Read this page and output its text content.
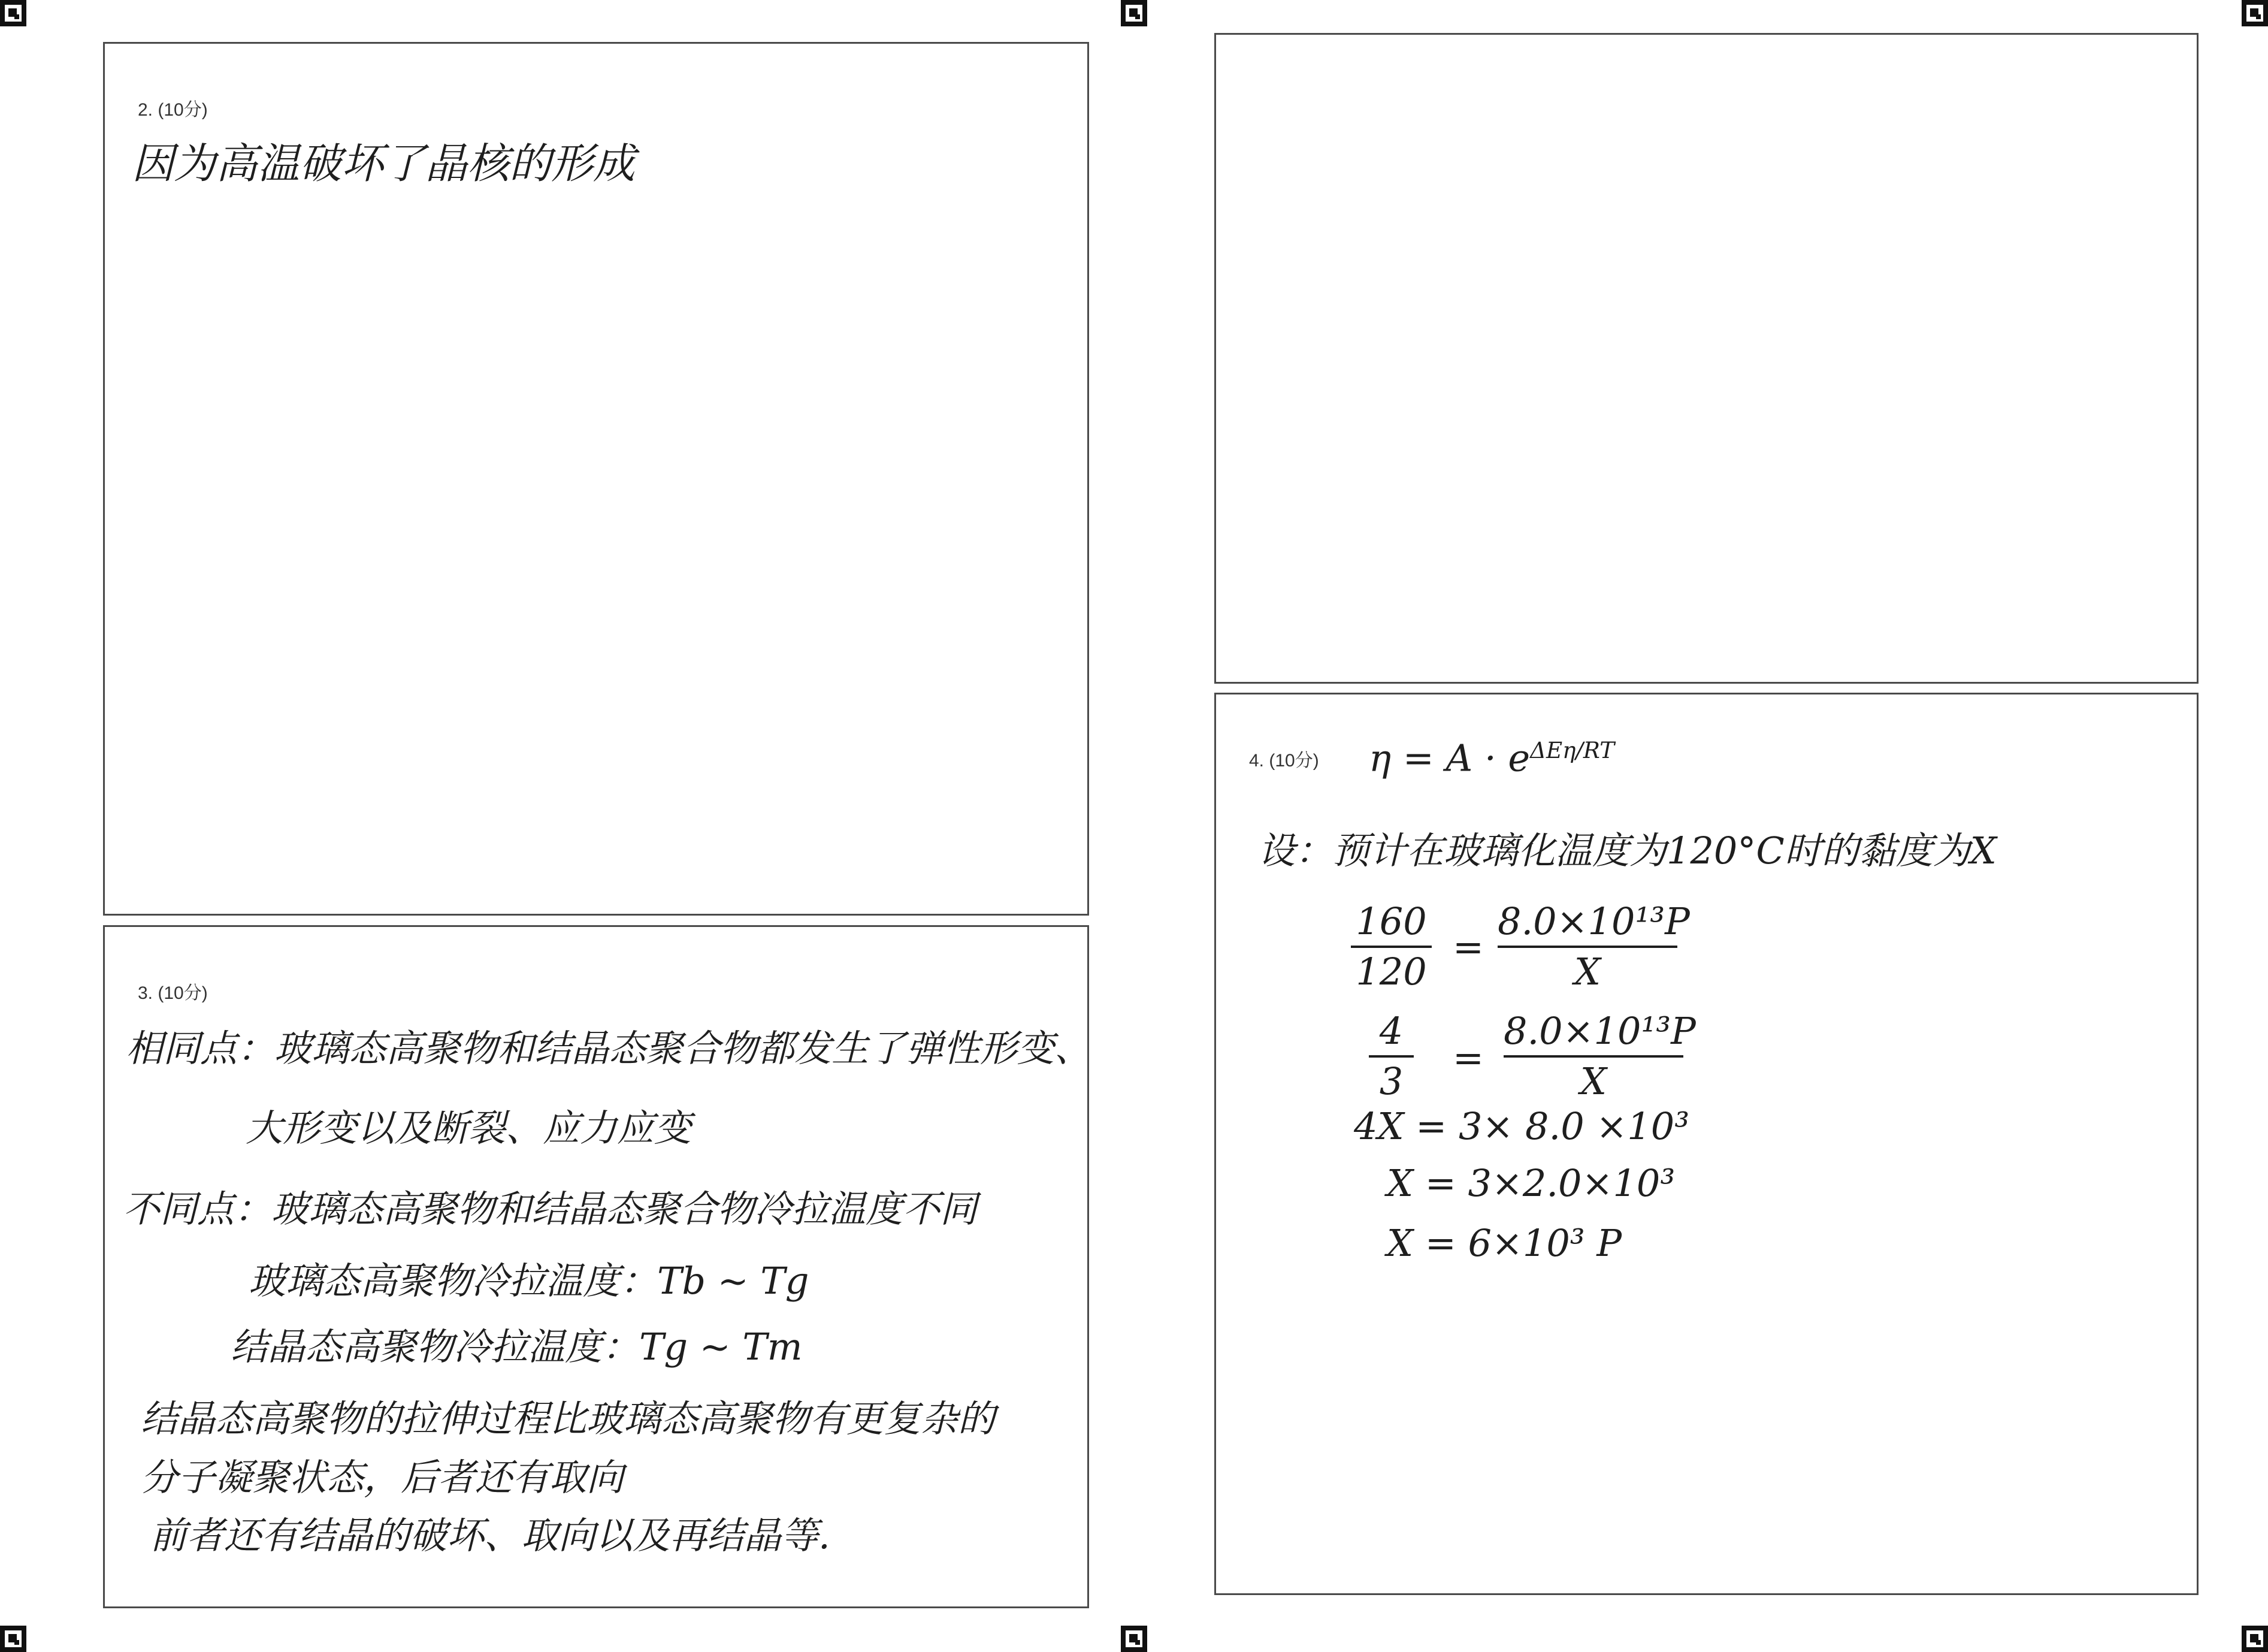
2. (10分)
因为高温破坏了晶核的形成
3. (10分)
相同点：玻璃态高聚物和结晶态聚合物都发生了弹性形变、
大形变以及断裂、应力应变
不同点：玻璃态高聚物和结晶态聚合物冷拉温度不同
玻璃态高聚物冷拉温度：Tb ~ Tg
结晶态高聚物冷拉温度：Tg ~ Tm
结晶态高聚物的拉伸过程比玻璃态高聚物有更复杂的
分子凝聚状态，后者还有取向
前者还有结晶的破坏、取向以及再结晶等.
4. (10分) $\eta = A \cdot e^{\Delta E\eta/RT}$
设：预计在玻璃化温度为120°C时的黏度为X
160
120
=
8.0×10¹³P
X
4
3
=
8.0×10¹³P
X
4X = 3× 8.0 ×10³
X = 3×2.0×10³
X = 6×10³ P
